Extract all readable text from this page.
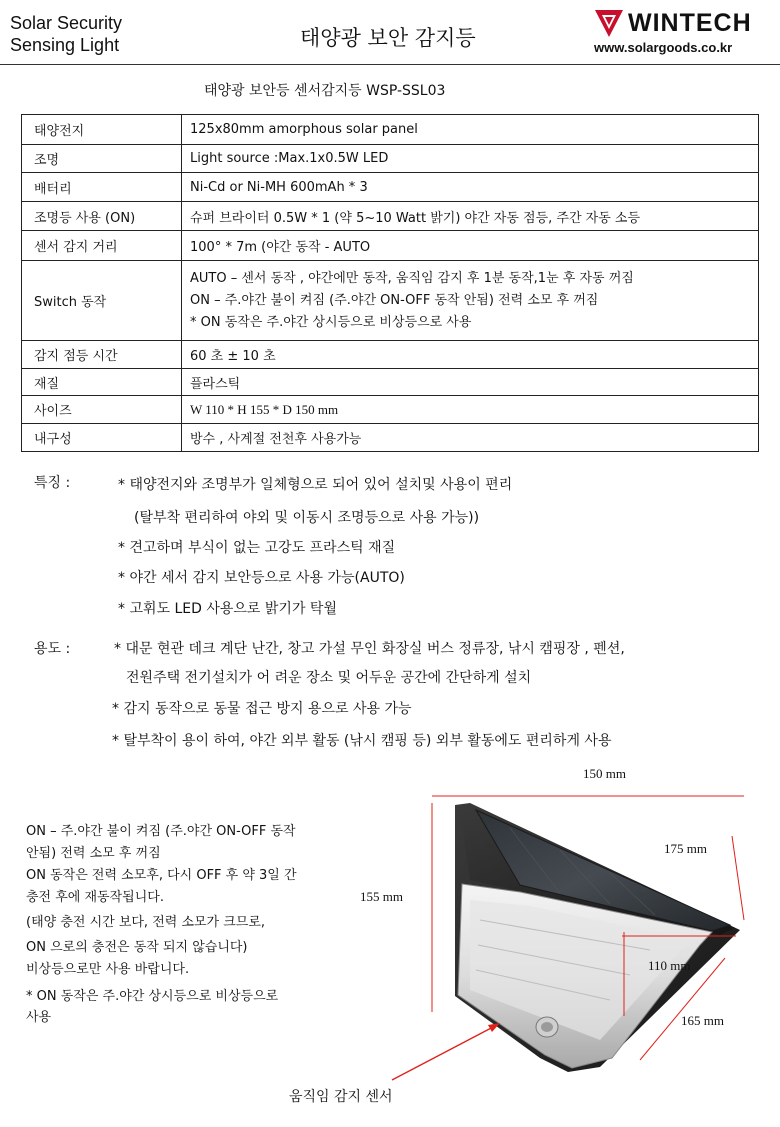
Solar Security
Sensing Light	태양광 보안 감지등
WINTECH
www.solargoods.co.kr
태양광 보안등 센서감지등 WSP-SSL03
태양전지	125x80mm amorphous solar panel
조명	Light source :Max.1x0.5W LED
배터리	Ni-Cd or Ni-MH 600mAh * 3
조명등 사용 (ON)	슈퍼 브라이터 0.5W * 1 (약 5~10 Watt 밝기) 야간 자동 점등, 주간 자동 소등
센서 감지 거리	100° * 7m (야간 동작 - AUTO
Switch 동작	AUTO – 센서 동작 , 야간에만 동작, 움직임 감지 후 1분 동작,1눈 후 자동 꺼짐
ON – 주.야간 불이 켜짐 (주.야간 ON-OFF 동작 안됨) 전력 소모 후 꺼짐
* ON 동작은 주.야간 상시등으로 비상등으로 사용

감지 점등 시간	60 초 ± 10 초
재질	플라스틱
사이즈	W 110 * H 155 * D 150 mm
내구성	방수 , 사계절 전천후 사용가능
특징 :	* 태양전지와 조명부가 일체형으로 되어 있어 설치및 사용이 편리
(탈부착 편리하여 야외 및 이동시 조명등으로 사용 가능))
* 견고하며 부식이 없는 고강도 프라스틱 재질
* 야간 세서 감지 보안등으로 사용 가능(AUTO)
* 고휘도 LED 사용으로 밝기가 탁월
용도 :	* 대문 현관 데크 계단 난간, 창고 가설 무인 화장실 버스 정류장, 낚시 캠핑장 , 펜션,
전원주택 전기설치가 어 려운 장소 및 어두운 공간에 간단하게 설치
* 감지 동작으로 동물 접근 방지 용으로 사용 가능
* 탈부착이 용이 하여, 야간 외부 활동 (낚시 캠핑 등) 외부 활동에도 편리하게 사용
ON – 주.야간 불이 켜짐 (주.야간 ON-OFF 동작
안됨) 전력 소모 후 꺼짐
ON 동작은 전력 소모후, 다시 OFF 후 약 3일 간
충전 후에 재동작됩니다.
(태양 충전 시간 보다, 전력 소모가 크므로,
ON 으로의 충전은 동작 되지 않습니다)
비상등으로만 사용 바랍니다.
* ON 동작은 주.야간 상시등으로 비상등으로
사용
150 mm
175 mm
155 mm
110 mm
165 mm
움직임 감지 센서
